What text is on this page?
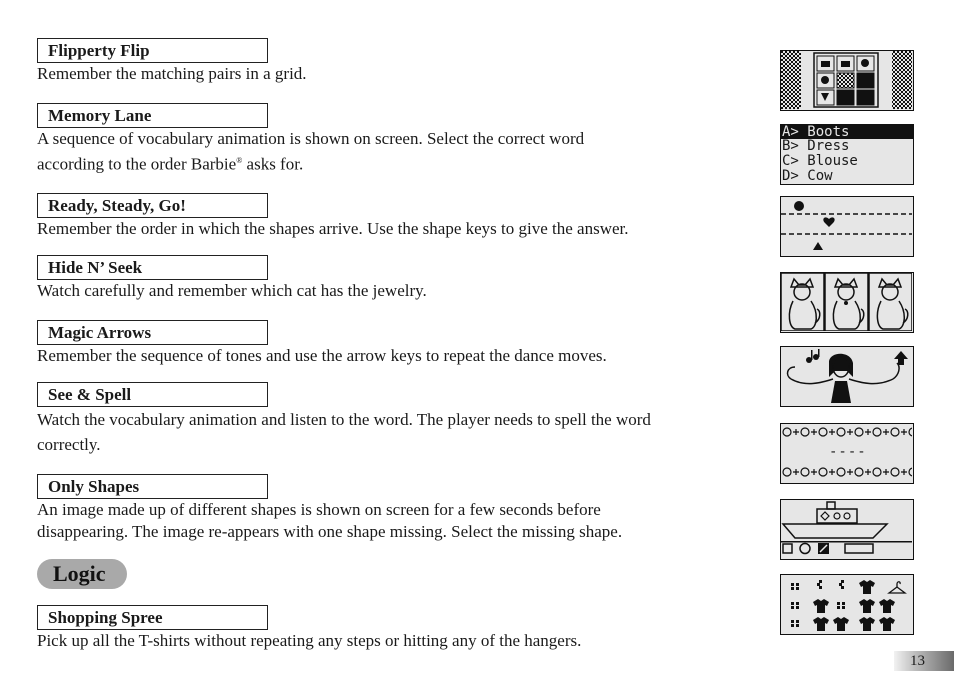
Flipperty Flip

Remember the matching pairs in a grid.

Memory Lane

A sequence of vocabulary animation is shown on screen. Select the correct word
according to the order Barbie® asks for.

Ready, Steady, Go!

Remember the order in which the shapes arrive. Use the shape keys to give the answer.

Hide N’ Seek

Watch carefully and remember which cat has the jewelry.

Magic Arrows

Remember the sequence of tones and use the arrow keys to repeat the dance moves.

See & Spell

Watch the vocabulary animation and listen to the word. The player needs to spell the word
correctly.

Only Shapes

An image made up of different shapes is shown on screen for a few seconds before
disappearing. The image re-appears with one shape missing. Select the missing shape.

Logic
Shopping Spree

Pick up all the T-shirts without repeating any steps or hitting any of the hangers.

A> Boots
B> Dress
C> Blouse
D> Cow
----
13
